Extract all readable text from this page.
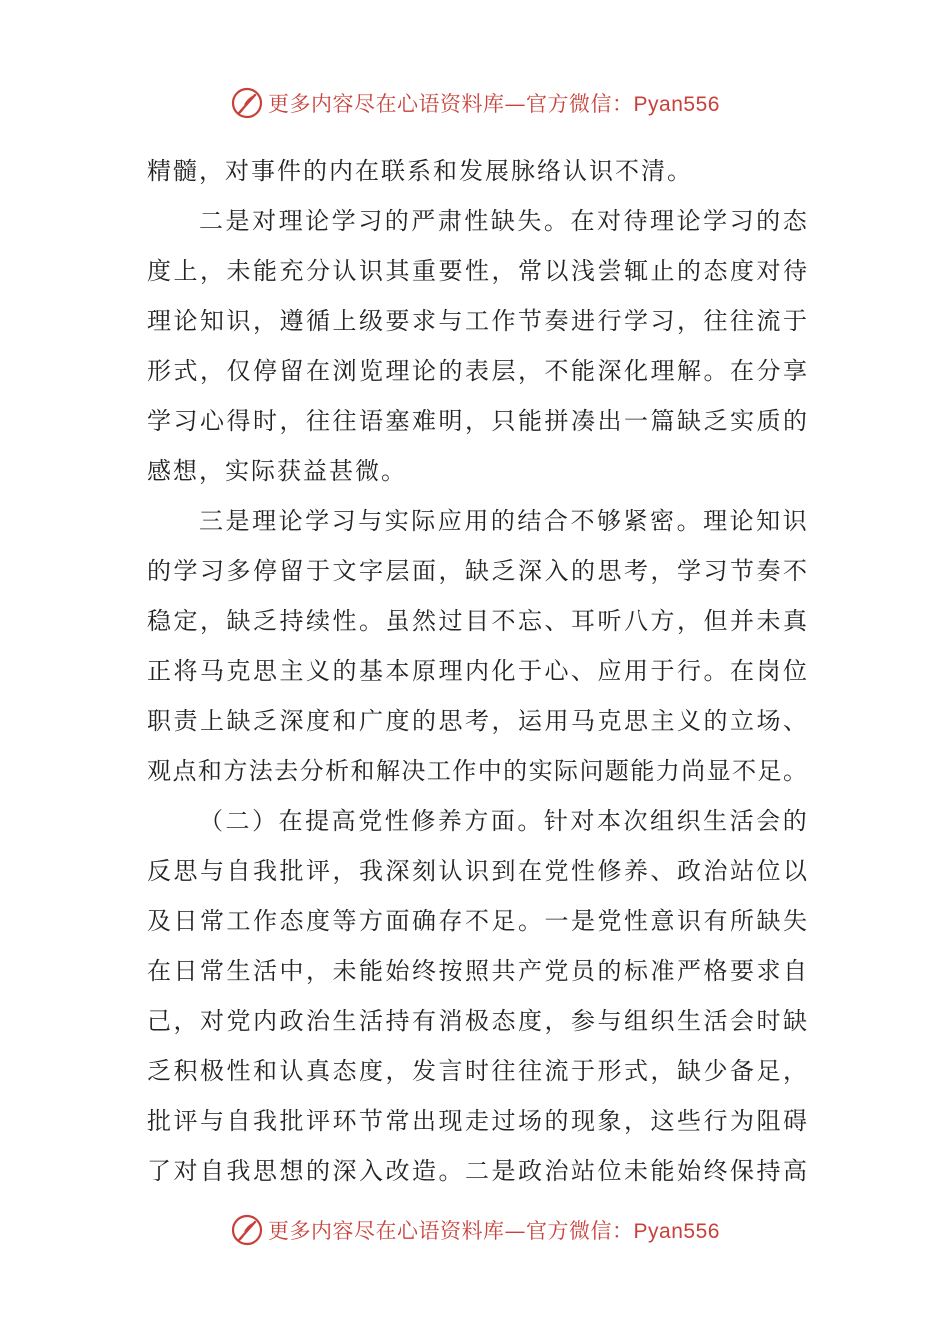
更多内容尽在心语资料库—官方微信：Pyan556
精髓，对事件的内在联系和发展脉络认识不清。
二 是 对 理 论 学 习 的 严 肃 性 缺 失 。 在 对 待 理 论 学 习 的 态
度 上 ， 未 能 充 分 认 识 其 重 要 性 ， 常 以 浅 尝 辄 止 的 态 度 对 待
理 论 知 识 ， 遵 循 上 级 要 求 与 工 作 节 奏 进 行 学 习 ， 往 往 流 于
形 式 ， 仅 停 留 在 浏 览 理 论 的 表 层 ， 不 能 深 化 理 解 。 在 分 享
学 习 心 得 时 ， 往 往 语 塞 难 明 ， 只 能 拼 凑 出 一 篇 缺 乏 实 质 的
感想，实际获益甚微。
三 是 理 论 学 习 与 实 际 应 用 的 结 合 不 够 紧 密 。 理 论 知 识
的 学 习 多 停 留 于 文 字 层 面 ， 缺 乏 深 入 的 思 考 ， 学 习 节 奏 不
稳 定 ， 缺 乏 持 续 性 。 虽 然 过 目 不 忘 、 耳 听 八 方 ， 但 并 未 真
正 将 马 克 思 主 义 的 基 本 原 理 内 化 于 心 、 应 用 于 行 。 在 岗 位
职 责 上 缺 乏 深 度 和 广 度 的 思 考 ， 运 用 马 克 思 主 义 的 立 场 、
观 点 和 方 法 去 分 析 和 解 决 工 作 中 的 实 际 问 题 能 力 尚 显 不 足 。
（ 二 ） 在 提 高 党 性 修 养 方 面 。 针 对 本 次 组 织 生 活 会 的
反 思 与 自 我 批 评 ， 我 深 刻 认 识 到 在 党 性 修 养 、 政 治 站 位 以
及 日 常 工 作 态 度 等 方 面 确 存 不 足 。 一 是 党 性 意 识 有 所 缺 失
在 日 常 生 活 中 ， 未 能 始 终 按 照 共 产 党 员 的 标 准 严 格 要 求 自
己 ， 对 党 内 政 治 生 活 持 有 消 极 态 度 ， 参 与 组 织 生 活 会 时 缺
乏 积 极 性 和 认 真 态 度 ， 发 言 时 往 往 流 于 形 式 ， 缺 少 备 足 ，
批 评 与 自 我 批 评 环 节 常 出 现 走 过 场 的 现 象 ， 这 些 行 为 阻 碍
了 对 自 我 思 想 的 深 入 改 造 。 二 是 政 治 站 位 未 能 始 终 保 持 高
更多内容尽在心语资料库—官方微信：Pyan556
